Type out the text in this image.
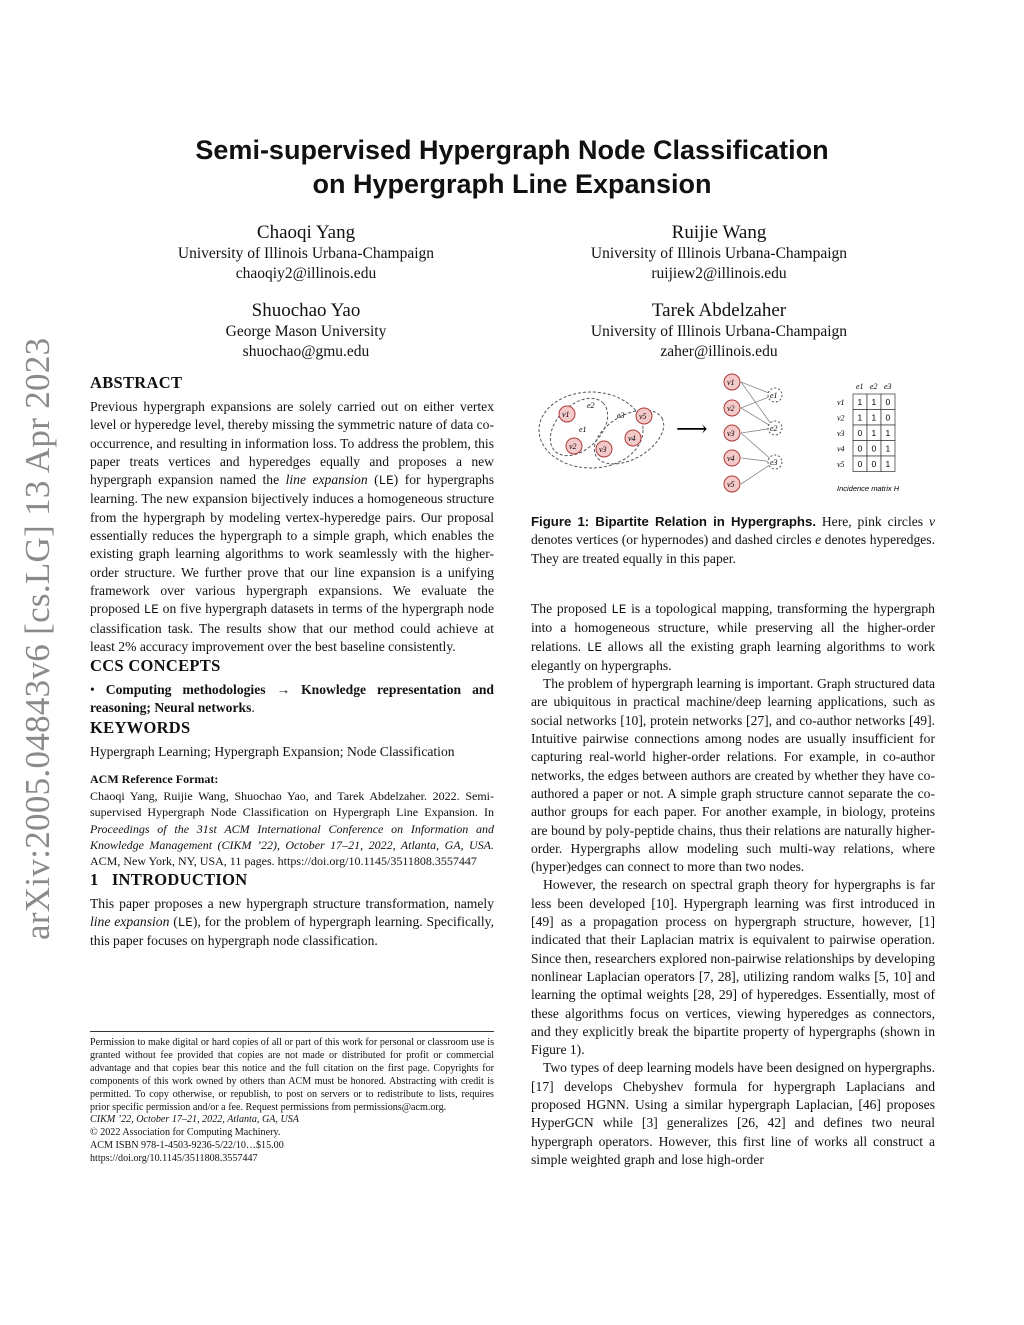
arXiv:2005.04843v6 [cs.LG] 13 Apr 2023
Semi-supervised Hypergraph Node Classification
on Hypergraph Line Expansion
Chaoqi Yang
University of Illinois Urbana-Champaign
chaoqiy2@illinois.edu
Ruijie Wang
University of Illinois Urbana-Champaign
ruijiew2@illinois.edu
Shuochao Yao
George Mason University
shuochao@gmu.edu
Tarek Abdelzaher
University of Illinois Urbana-Champaign
zaher@illinois.edu
ABSTRACT

Previous hypergraph expansions are solely carried out on either vertex level or hyperedge level, thereby missing the symmetric nature of data co-occurrence, and resulting in information loss. To address the problem, this paper treats vertices and hyperedges equally and proposes a new hypergraph expansion named the line expansion (LE) for hypergraphs learning. The new expansion bijectively induces a homogeneous structure from the hypergraph by modeling vertex-hyperedge pairs. Our proposal essentially reduces the hypergraph to a simple graph, which enables the existing graph learning algorithms to work seamlessly with the higher-order structure. We further prove that our line expansion is a unifying framework over various hypergraph expansions. We evaluate the proposed LE on five hypergraph datasets in terms of the hypergraph node classification task. The results show that our method could achieve at least 2% accuracy improvement over the best baseline consistently.

CCS CONCEPTS

• Computing methodologies → Knowledge representation and reasoning; Neural networks.

KEYWORDS

Hypergraph Learning; Hypergraph Expansion; Node Classification

ACM Reference Format:

Chaoqi Yang, Ruijie Wang, Shuochao Yao, and Tarek Abdelzaher. 2022. Semi-supervised Hypergraph Node Classification on Hypergraph Line Expansion. In Proceedings of the 31st ACM International Conference on Information and Knowledge Management (CIKM ’22), October 17–21, 2022, Atlanta, GA, USA. ACM, New York, NY, USA, 11 pages. https://doi.org/10.1145/3511808.3557447

1   INTRODUCTION

This paper proposes a new hypergraph structure transformation, namely line expansion (LE), for the problem of hypergraph learning. Specifically, this paper focuses on hypergraph node classification.

Permission to make digital or hard copies of all or part of this work for personal or classroom use is granted without fee provided that copies are not made or distributed for profit or commercial advantage and that copies bear this notice and the full citation on the first page. Copyrights for components of this work owned by others than ACM must be honored. Abstracting with credit is permitted. To copy otherwise, or republish, to post on servers or to redistribute to lists, requires prior specific permission and/or a fee. Request permissions from permissions@acm.org.
CIKM ’22, October 17–21, 2022, Atlanta, GA, USA
© 2022 Association for Computing Machinery.
ACM ISBN 978-1-4503-9236-5/22/10…$15.00
https://doi.org/10.1145/3511808.3557447
v1
v2	v3
v4
v5
e1
e2
e3
⟶
v1
v2
v3
v4
v5
e1
e2
e3
e1 e2 e3
v1 1 1 0
v2 1 1 0
v3 0 1 1
v4 0 0 1
v5 0 0 1
Incidence matrix H
Figure 1: Bipartite Relation in Hypergraphs. Here, pink circles v denotes vertices (or hypernodes) and dashed circles e denotes hyperedges. They are treated equally in this paper.

The proposed LE is a topological mapping, transforming the hypergraph into a homogeneous structure, while preserving all the higher-order relations. LE allows all the existing graph learning algorithms to work elegantly on hypergraphs.

The problem of hypergraph learning is important. Graph structured data are ubiquitous in practical machine/deep learning applications, such as social networks [10], protein networks [27], and co-author networks [49]. Intuitive pairwise connections among nodes are usually insufficient for capturing real-world higher-order relations. For example, in co-author networks, the edges between authors are created by whether they have co-authored a paper or not. A simple graph structure cannot separate the co-author groups for each paper. For another example, in biology, proteins are bound by poly-peptide chains, thus their relations are naturally higher-order. Hypergraphs allow modeling such multi-way relations, where (hyper)edges can connect to more than two nodes.

However, the research on spectral graph theory for hypergraphs is far less been developed [10]. Hypergraph learning was first introduced in [49] as a propagation process on hypergraph structure, however, [1] indicated that their Laplacian matrix is equivalent to pairwise operation. Since then, researchers explored non-pairwise relationships by developing nonlinear Laplacian operators [7, 28], utilizing random walks [5, 10] and learning the optimal weights [28, 29] of hyperedges. Essentially, most of these algorithms focus on vertices, viewing hyperedges as connectors, and they explicitly break the bipartite property of hypergraphs (shown in Figure 1).

Two types of deep learning models have been designed on hypergraphs. [17] develops Chebyshev formula for hypergraph Laplacians and proposed HGNN. Using a similar hypergraph Laplacian, [46] proposes HyperGCN while [3] generalizes [26, 42] and defines two neural hypergraph operators. However, this first line of works all construct a simple weighted graph and lose high-order
